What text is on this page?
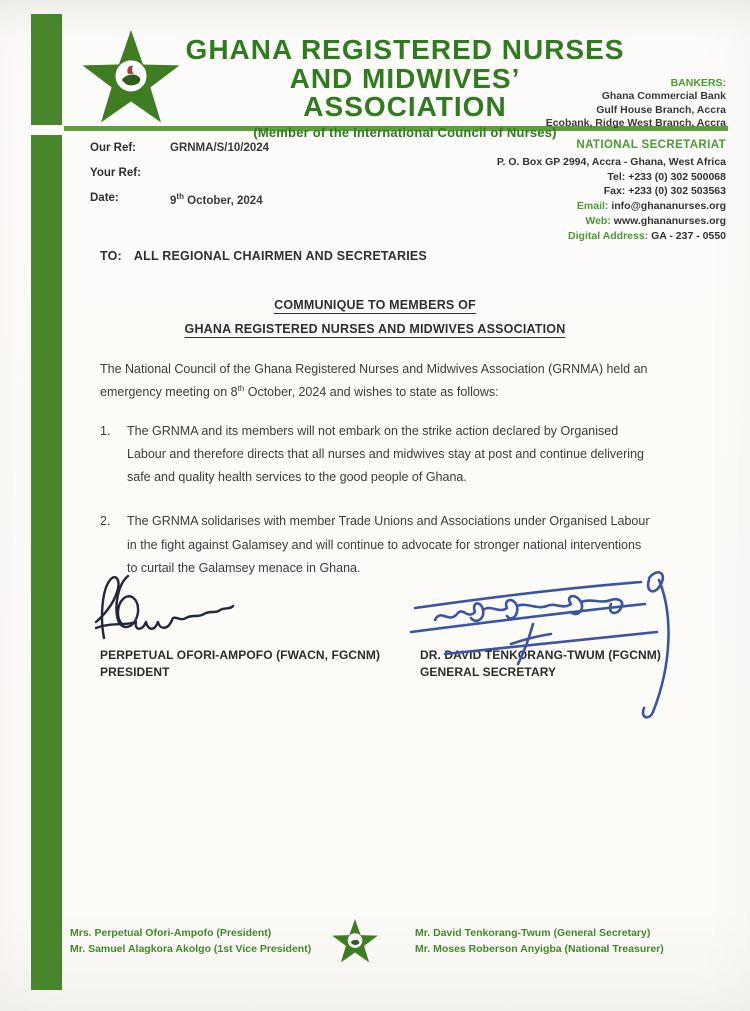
GHANA REGISTERED NURSES
AND MIDWIVES’ ASSOCIATION
(Member of the International Council of Nurses)
BANKERS:
Ghana Commercial Bank
Gulf House Branch, Accra
Ecobank, Ridge West Branch, Accra
Our Ref:	GRNMA/S/10/2024
Your Ref:
Date:	9th October, 2024
NATIONAL SECRETARIAT
P. O. Box GP 2994, Accra - Ghana, West Africa
Tel: +233 (0) 302 500068
Fax: +233 (0) 302 503563
Email: info@ghananurses.org
Web: www.ghananurses.org
Digital Address: GA - 237 - 0550
TO: ALL REGIONAL CHAIRMEN AND SECRETARIES
COMMUNIQUE TO MEMBERS OF
GHANA REGISTERED NURSES AND MIDWIVES ASSOCIATION
The National Council of the Ghana Registered Nurses and Midwives Association (GRNMA) held an emergency meeting on 8th October, 2024 and wishes to state as follows:
1.	The GRNMA and its members will not embark on the strike action declared by Organised Labour and therefore directs that all nurses and midwives stay at post and continue delivering safe and quality health services to the good people of Ghana.
2.	The GRNMA solidarises with member Trade Unions and Associations under Organised Labour in the fight against Galamsey and will continue to advocate for stronger national interventions to curtail the Galamsey menace in Ghana.
PERPETUAL OFORI-AMPOFO (FWACN, FGCNM)
PRESIDENT
DR. DAVID TENKORANG-TWUM (FGCNM)
GENERAL SECRETARY
Mrs. Perpetual Ofori-Ampofo (President)
Mr. Samuel Alagkora Akolgo (1st Vice President)
Mr. David Tenkorang-Twum (General Secretary)
Mr. Moses Roberson Anyigba (National Treasurer)
